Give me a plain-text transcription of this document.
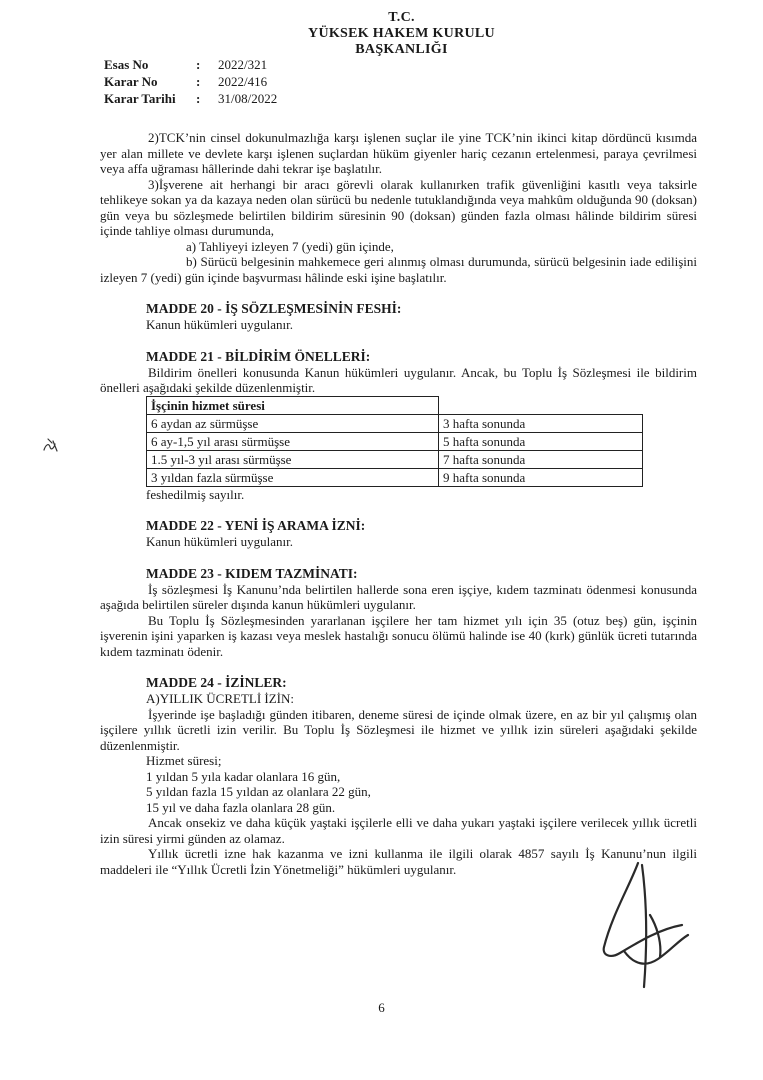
T.C.
YÜKSEK HAKEM KURULU
BAŞKANLIĞI
Esas No	:	2022/321
Karar No	:	2022/416
Karar Tarihi	:	31/08/2022

2)TCK’nin cinsel dokunulmazlığa karşı işlenen suçlar ile yine TCK’nin ikinci kitap dördüncü kısımda yer alan millete ve devlete karşı işlenen suçlardan hüküm giyenler hariç cezanın ertelenmesi, paraya çevrilmesi veya affa uğraması hâllerinde dahi tekrar işe başlatılır.

3)İşverene ait herhangi bir aracı görevli olarak kullanırken trafik güvenliğini kasıtlı veya taksirle tehlikeye sokan ya da kazaya neden olan sürücü bu nedenle tutuklandığında veya mahkûm olduğunda 90 (doksan) gün veya bu sözleşmede belirtilen bildirim süresinin 90 (doksan) günden fazla olması hâlinde bildirim süresi içinde tahliye olması durumunda,

a) Tahliyeyi izleyen 7 (yedi) gün içinde,

b) Sürücü belgesinin mahkemece geri alınmış olması durumunda, sürücü belgesinin iade edilişini izleyen 7 (yedi) gün içinde başvurması hâlinde eski işine başlatılır.

MADDE 20 - İŞ SÖZLEŞMESİNİN FESHİ:

Kanun hükümleri uygulanır.

MADDE 21 - BİLDİRİM ÖNELLERİ:

Bildirim önelleri konusunda Kanun hükümleri uygulanır. Ancak, bu Toplu İş Sözleşmesi ile bildirim önelleri aşağıdaki şekilde düzenlenmiştir.

İşçinin hizmet süresi	
6 aydan az sürmüşse	3 hafta sonunda
6 ay-1,5 yıl arası sürmüşse	5 hafta sonunda
1.5 yıl-3 yıl arası sürmüşse	7 hafta sonunda
3 yıldan fazla sürmüşse	9 hafta sonunda

feshedilmiş sayılır.

MADDE 22 - YENİ İŞ ARAMA İZNİ:

Kanun hükümleri uygulanır.

MADDE 23 - KIDEM TAZMİNATI:

İş sözleşmesi İş Kanunu’nda belirtilen hallerde sona eren işçiye, kıdem tazminatı ödenmesi konusunda aşağıda belirtilen süreler dışında kanun hükümleri uygulanır.

Bu Toplu İş Sözleşmesinden yararlanan işçilere her tam hizmet yılı için 35 (otuz beş) gün, işçinin işverenin işini yaparken iş kazası veya meslek hastalığı sonucu ölümü halinde ise 40 (kırk) günlük ücreti tutarında kıdem tazminatı ödenir.

MADDE 24 - İZİNLER:

A)YILLIK ÜCRETLİ İZİN:

İşyerinde işe başladığı günden itibaren, deneme süresi de içinde olmak üzere, en az bir yıl çalışmış olan işçilere yıllık ücretli izin verilir. Bu Toplu İş Sözleşmesi ile hizmet ve yıllık izin süreleri aşağıdaki şekilde düzenlenmiştir.

Hizmet süresi;

1 yıldan 5 yıla kadar olanlara 16 gün,

5 yıldan fazla 15 yıldan az olanlara 22 gün,

15 yıl ve daha fazla olanlara 28 gün.

Ancak onsekiz ve daha küçük yaştaki işçilerle elli ve daha yukarı yaştaki işçilere verilecek yıllık ücretli izin süresi yirmi günden az olamaz.

Yıllık ücretli izne hak kazanma ve izni kullanma ile ilgili olarak 4857 sayılı İş Kanunu’nun ilgili maddeleri ile “Yıllık Ücretli İzin Yönetmeliği” hükümleri uygulanır.

6
